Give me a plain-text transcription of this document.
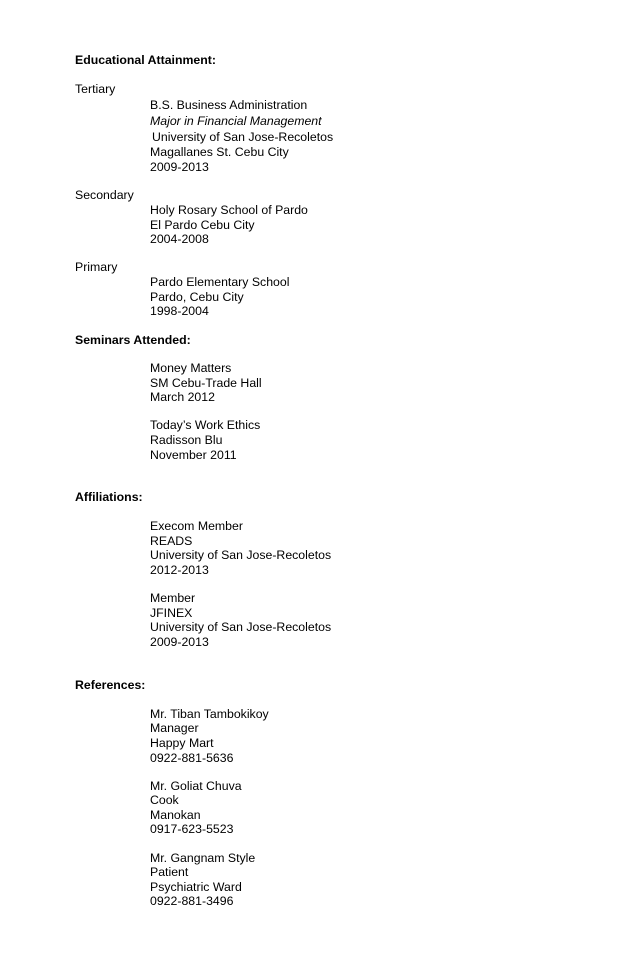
Educational Attainment:
Tertiary
B.S. Business Administration
Major in Financial Management
University of San Jose-Recoletos
Magallanes St. Cebu City
2009-2013
Secondary
Holy Rosary School of Pardo
El Pardo Cebu City
2004-2008
Primary
Pardo Elementary School
Pardo, Cebu City
1998-2004
Seminars Attended:
Money Matters
SM Cebu-Trade Hall
March 2012
Today’s Work Ethics
Radisson Blu
November 2011
Affiliations:
Execom Member
READS
University of San Jose-Recoletos
2012-2013
Member
JFINEX
University of San Jose-Recoletos
2009-2013
References:
Mr. Tiban Tambokikoy
Manager
Happy Mart
0922-881-5636
Mr. Goliat Chuva
Cook
Manokan
0917-623-5523
Mr. Gangnam Style
Patient
Psychiatric Ward
0922-881-3496
